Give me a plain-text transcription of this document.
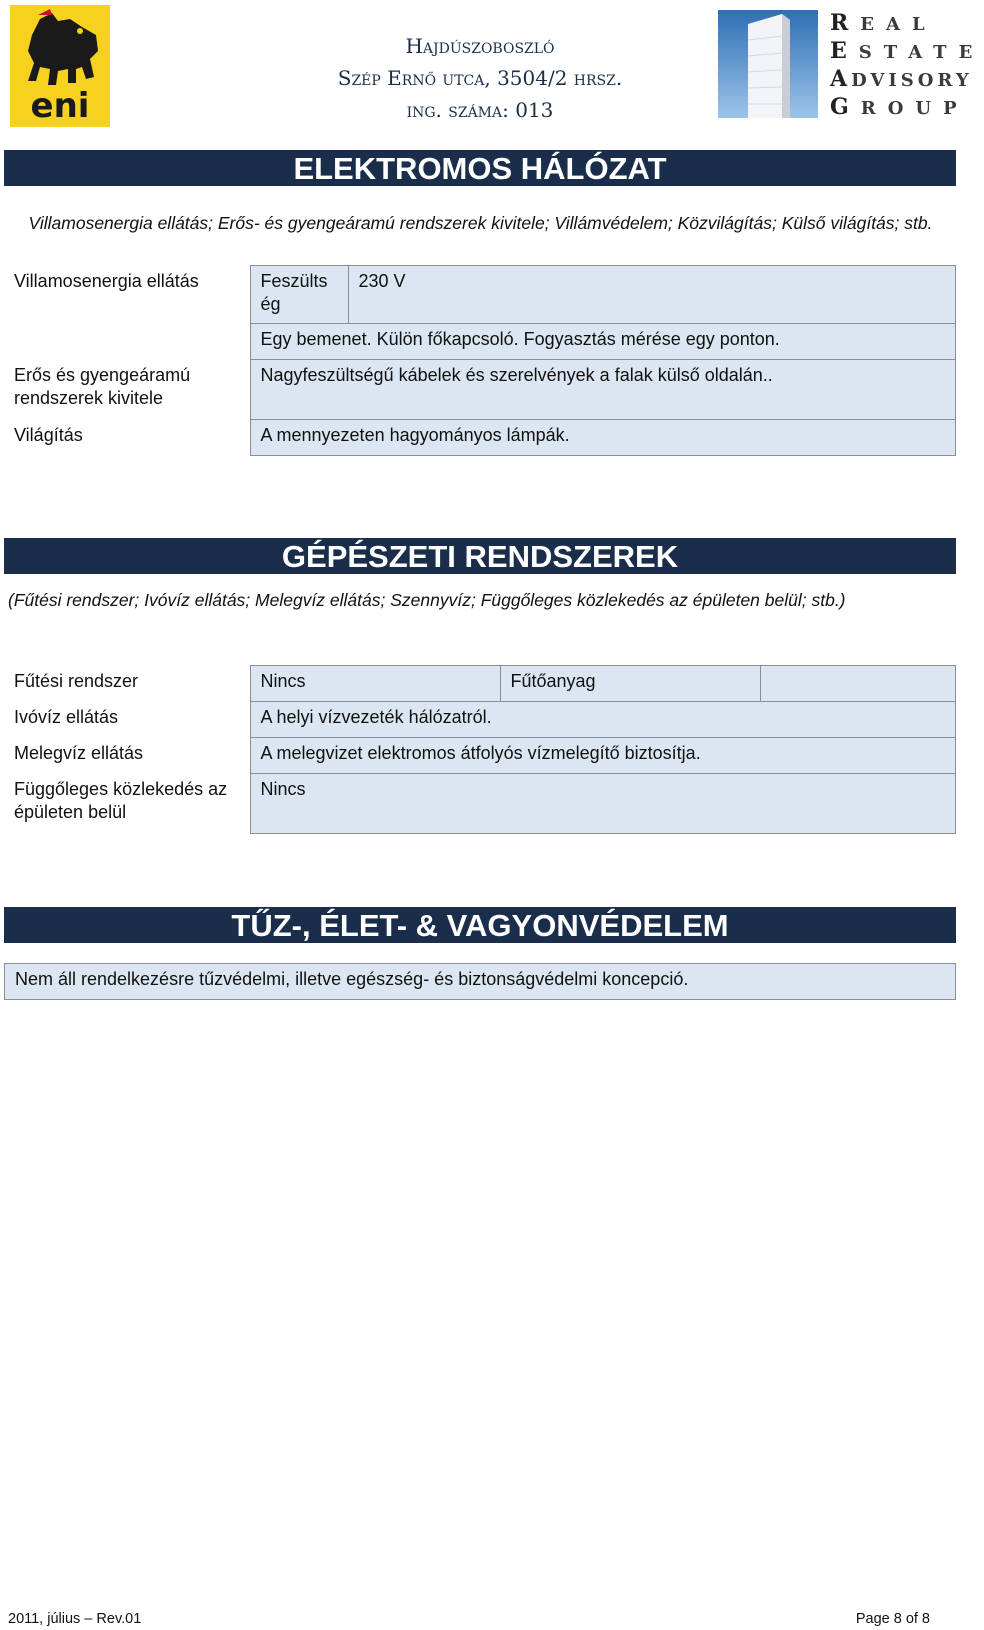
eni
Hajdúszoboszló
Szép Ernő utca, 3504/2 hrsz.
ing. száma: 013
REAL
ESTATE
ADVISORY
GROUP
ELEKTROMOS HÁLÓZAT
Villamosenergia ellátás; Erős- és gyengeáramú rendszerek kivitele; Villámvédelem; Közvilágítás; Külső világítás; stb.
Villamosenergia ellátás	Feszültség	230 V
	Egy bemenet. Külön főkapcsoló. Fogyasztás mérése egy ponton.	
Erős és gyengeáramú rendszerek kivitele	Nagyfeszültségű kábelek és szerelvények a falak külső oldalán..	
Világítás	A mennyezeten hagyományos lámpák.	
GÉPÉSZETI RENDSZEREK
(Fűtési rendszer; Ivóvíz ellátás; Melegvíz ellátás; Szennyvíz; Függőleges közlekedés az épületen belül; stb.)
Fűtési rendszer	Nincs	Fűtőanyag	
Ivóvíz ellátás	A helyi vízvezeték hálózatról.		
Melegvíz ellátás	A melegvizet elektromos átfolyós vízmelegítő biztosítja.		
Függőleges közlekedés az épületen belül	Nincs		
TŰZ-, ÉLET- & VAGYONVÉDELEM
Nem áll rendelkezésre tűzvédelmi, illetve egészség- és biztonságvédelmi koncepció.
2011, július – Rev.01	Page 8 of 8
